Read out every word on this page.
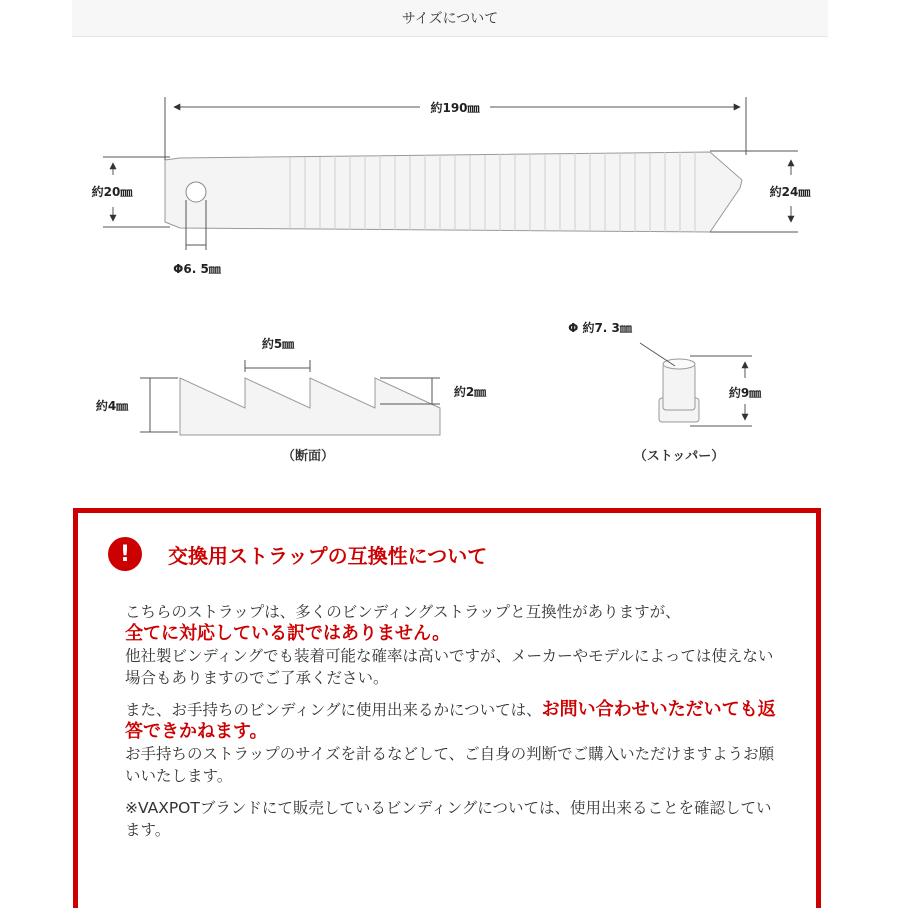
サイズについて
約190㎜
約20㎜	約24㎜
Φ6. 5㎜
約5㎜
約4㎜
約2㎜
（断面）
Φ 約7. 3㎜
約9㎜
（ストッパー）
!	交換用ストラップの互換性について

こちらのストラップは、多くのビンディングストラップと互換性がありますが、
全てに対応している訳ではありません。
他社製ビンディングでも装着可能な確率は高いですが、メーカーやモデルによっては使えない場合もありますのでご了承ください。

また、お手持ちのビンディングに使用出来るかについては、お問い合わせいただいても返答できかねます。
お手持ちのストラップのサイズを計るなどして、ご自身の判断でご購入いただけますようお願いいたします。

※VAXPOTブランドにて販売しているビンディングについては、使用出来ることを確認しています。
